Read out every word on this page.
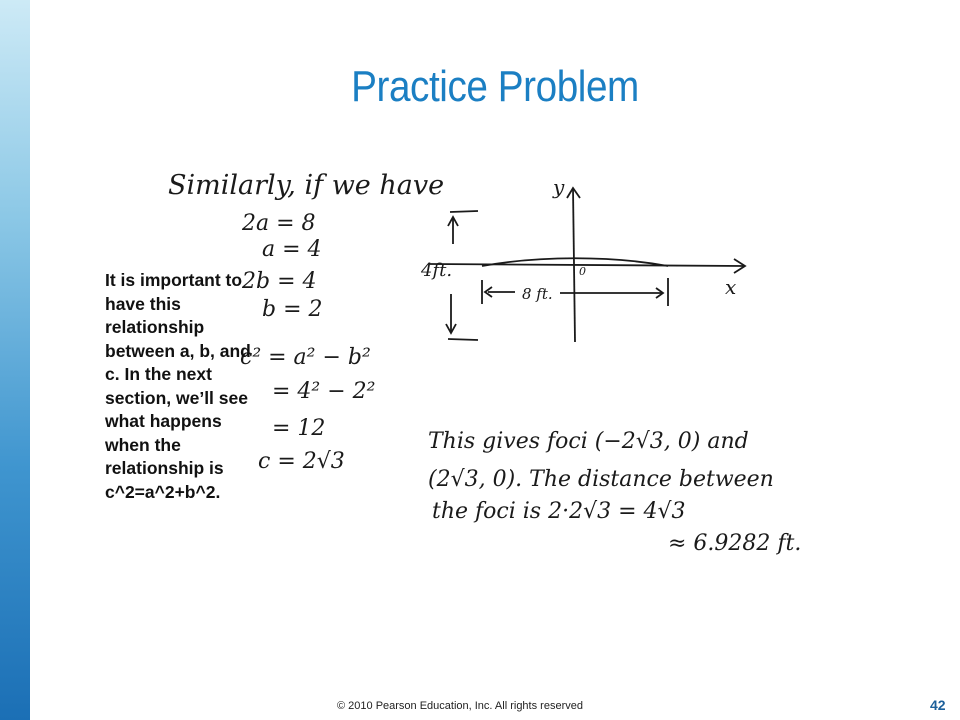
Practice Problem
Similarly, if we have
2a = 8
a = 4
2b = 4
b = 2
c² = a² − b²
= 4² − 2²
= 12
c = 2√3
y
x
0
4ft.
8 ft.
This gives foci (−2√3, 0) and
(2√3, 0). The distance between
the foci is 2·2√3 = 4√3
≈ 6.9282 ft.
It is important to have this relationship between a, b, and c. In the next section, we’ll see what happens when the relationship is c^2=a^2+b^2.
© 2010 Pearson Education, Inc. All rights reserved	42
